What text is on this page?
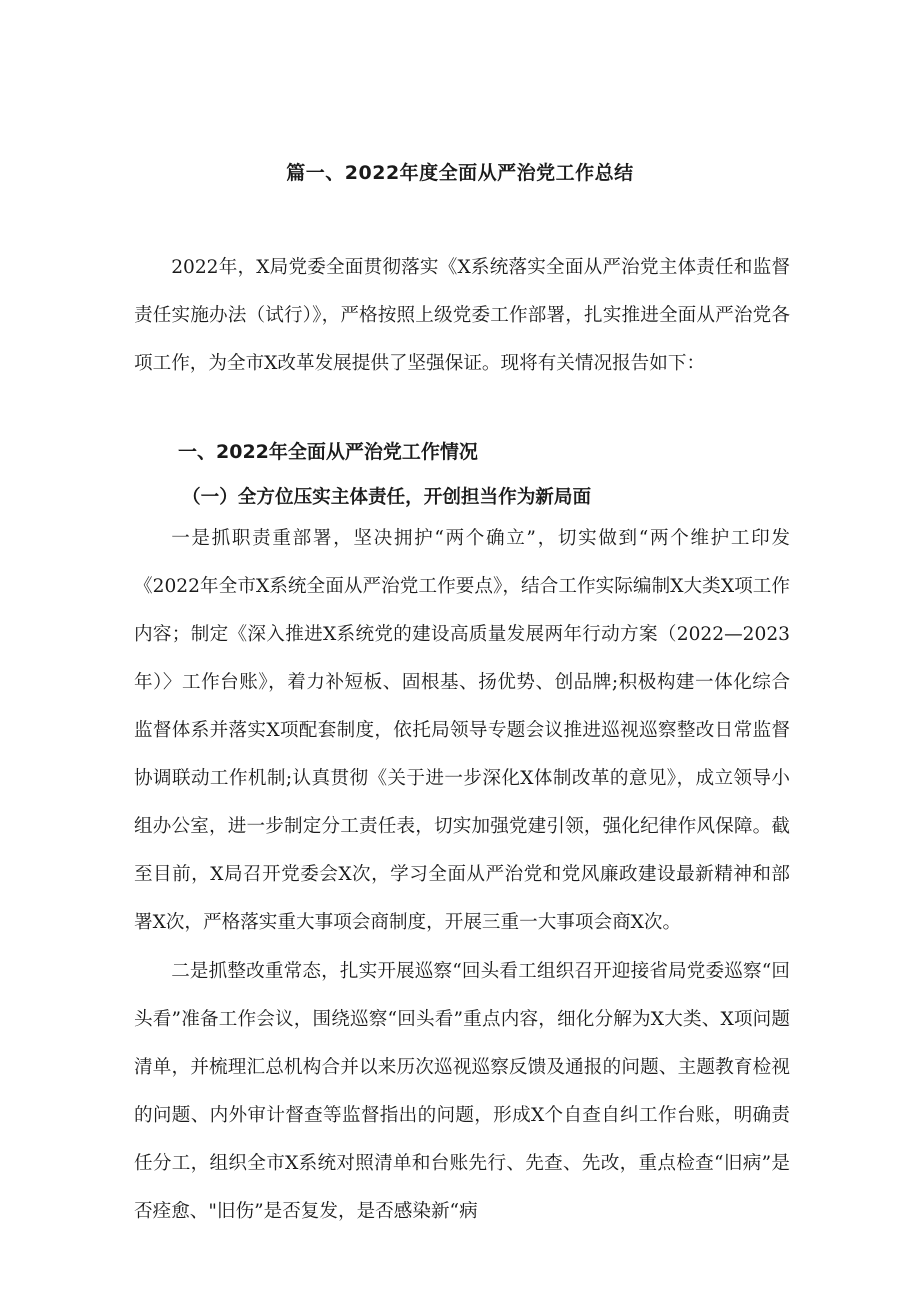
篇一、2022年度全面从严治党工作总结

2022年，X局党委全面贯彻落实《X系统落实全面从严治党主体责任和监督责任实施办法（试行）》，严格按照上级党委工作部署，扎实推进全面从严治党各项工作，为全市X改革发展提供了坚强保证。现将有关情况报告如下：

一、2022年全面从严治党工作情况
（一）全方位压实主体责任，开创担当作为新局面

一是抓职责重部署，坚决拥护“两个确立”，切实做到“两个维护工印发《2022年全市X系统全面从严治党工作要点》，结合工作实际编制X大类X项工作内容；制定《深入推进X系统党的建设高质量发展两年行动方案（2022—2023年）〉工作台账》，着力补短板、固根基、扬优势、创品牌;积极构建一体化综合监督体系并落实X项配套制度，依托局领导专题会议推进巡视巡察整改日常监督协调联动工作机制;认真贯彻《关于进一步深化X体制改革的意见》，成立领导小组办公室，进一步制定分工责任表，切实加强党建引领，强化纪律作风保障。截至目前，X局召开党委会X次，学习全面从严治党和党风廉政建设最新精神和部署X次，严格落实重大事项会商制度，开展三重一大事项会商X次。

二是抓整改重常态，扎实开展巡察“回头看工组织召开迎接省局党委巡察“回头看”准备工作会议，围绕巡察“回头看”重点内容，细化分解为X大类、X项问题清单，并梳理汇总机构合并以来历次巡视巡察反馈及通报的问题、主题教育检视的问题、内外审计督查等监督指出的问题，形成X个自查自纠工作台账，明确责任分工，组织全市X系统对照清单和台账先行、先查、先改，重点检查“旧病”是否痊愈、"旧伤”是否复发，是否感染新“病
